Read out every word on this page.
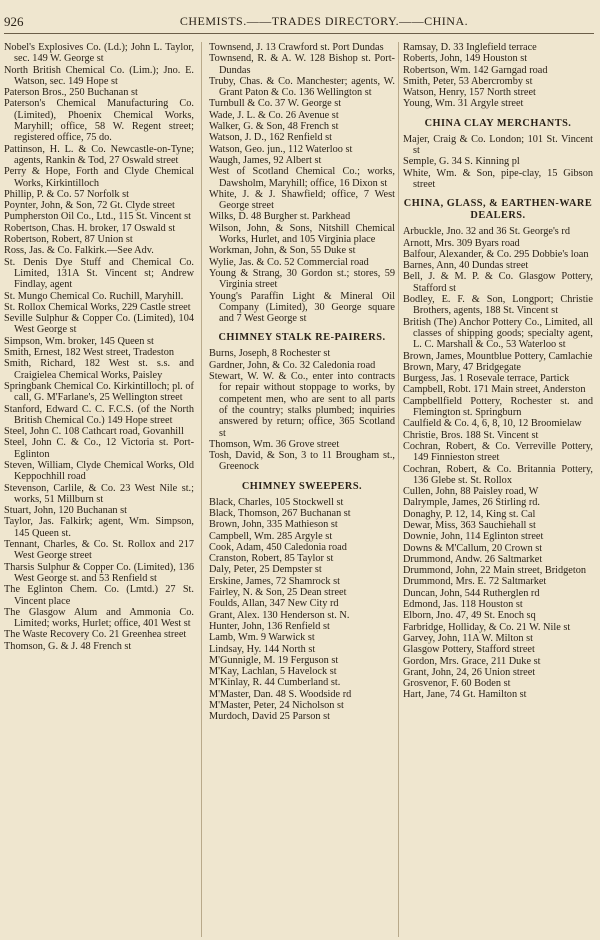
926	CHEMISTS.——TRADES DIRECTORY.——CHINA.
Nobel's Explosives Co. (Ld.); John L. Taylor, sec. 149 W. George st
North British Chemical Co. (Lim.); Jno. E. Watson, sec. 149 Hope st
Paterson Bros., 250 Buchanan st
Paterson's Chemical Manufacturing Co. (Limited), Phoenix Chemical Works, Maryhill; office, 58 W. Regent street; registered office, 75 do.
Pattinson, H. L. & Co. Newcastle-on-Tyne; agents, Rankin & Tod, 27 Oswald street
Perry & Hope, Forth and Clyde Chemical Works, Kirkintilloch
Phillip, P. & Co. 57 Norfolk st
Poynter, John, & Son, 72 Gt. Clyde street
Pumpherston Oil Co., Ltd., 115 St. Vincent st
Robertson, Chas. H. broker, 17 Oswald st
Robertson, Robert, 87 Union st
Ross, Jas. & Co. Falkirk.—See Adv.
St. Denis Dye Stuff and Chemical Co. Limited, 131A St. Vincent st; Andrew Findlay, agent
St. Mungo Chemical Co. Ruchill, Maryhill.
St. Rollox Chemical Works, 229 Castle street
Seville Sulphur & Copper Co. (Limited), 104 West George st
Simpson, Wm. broker, 145 Queen st
Smith, Ernest, 182 West street, Tradeston
Smith, Richard, 182 West st. s.s. and Craigielea Chemical Works, Paisley
Springbank Chemical Co. Kirkintilloch; pl. of call, G. M'Farlane's, 25 Wellington street
Stanford, Edward C. C. F.C.S. (of the North British Chemical Co.) 149 Hope street
Steel, John C. 108 Cathcart road, Govanhill
Steel, John C. & Co., 12 Victoria st. Port-Eglinton
Steven, William, Clyde Chemical Works, Old Keppochhill road
Stevenson, Carlile, & Co. 23 West Nile st.; works, 51 Millburn st
Stuart, John, 120 Buchanan st
Taylor, Jas. Falkirk; agent, Wm. Simpson, 145 Queen st.
Tennant, Charles, & Co. St. Rollox and 217 West George street
Tharsis Sulphur & Copper Co. (Limited), 136 West George st. and 53 Renfield st
The Eglinton Chem. Co. (Lmtd.) 27 St. Vincent place
The Glasgow Alum and Ammonia Co. Limited; works, Hurlet; office, 401 West st
The Waste Recovery Co. 21 Greenhea street
Thomson, G. & J. 48 French st
Townsend, J. 13 Crawford st. Port Dundas
Townsend, R. & A. W. 128 Bishop st. Port-Dundas
Truby, Chas. & Co. Manchester; agents, W. Grant Paton & Co. 136 Wellington st
Turnbull & Co. 37 W. George st
Wade, J. L. & Co. 26 Avenue st
Walker, G. & Son, 48 French st
Watson, J. D., 162 Renfield st
Watson, Geo. jun., 112 Waterloo st
Waugh, James, 92 Albert st
West of Scotland Chemical Co.; works, Dawsholm, Maryhill; office, 16 Dixon st
White, J. & J. Shawfield; office, 7 West George street
Wilks, D. 48 Burgher st. Parkhead
Wilson, John, & Sons, Nitshill Chemical Works, Hurlet, and 105 Virginia place
Workman, John, & Son, 55 Duke st
Wylie, Jas. & Co. 52 Commercial road
Young & Strang, 30 Gordon st.; stores, 59 Virginia street
Young's Paraffin Light & Mineral Oil Company (Limited), 30 George square and 7 West George st
CHIMNEY STALK RE-PAIRERS.
Burns, Joseph, 8 Rochester st
Gardner, John, & Co. 32 Caledonia road
Stewart, W. W. & Co., enter into contracts for repair without stoppage to works, by competent men, who are sent to all parts of the country; stalks plumbed; inquiries answered by return; office, 365 Scotland st
Thomson, Wm. 36 Grove street
Tosh, David, & Son, 3 to 11 Brougham st., Greenock
CHIMNEY SWEEPERS.
Black, Charles, 105 Stockwell st
Black, Thomson, 267 Buchanan st
Brown, John, 335 Mathieson st
Campbell, Wm. 285 Argyle st
Cook, Adam, 450 Caledonia road
Cranston, Robert, 85 Taylor st
Daly, Peter, 25 Dempster st
Erskine, James, 72 Shamrock st
Fairley, N. & Son, 25 Dean street
Foulds, Allan, 347 New City rd
Grant, Alex. 130 Henderson st. N.
Hunter, John, 136 Renfield st
Lamb, Wm. 9 Warwick st
Lindsay, Hy. 144 North st
M'Gunnigle, M. 19 Ferguson st
M'Kay, Lachlan, 5 Havelock st
M'Kinlay, R. 44 Cumberland st.
M'Master, Dan. 48 S. Woodside rd
M'Master, Peter, 24 Nicholson st
Murdoch, David 25 Parson st
Ramsay, D. 33 Inglefield terrace
Roberts, John, 149 Houston st
Robertson, Wm. 142 Garngad road
Smith, Peter, 53 Abercromby st
Watson, Henry, 157 North street
Young, Wm. 31 Argyle street
CHINA CLAY MERCHANTS.
Majer, Craig & Co. London; 101 St. Vincent st
Semple, G. 34 S. Kinning pl
White, Wm. & Son, pipe-clay, 15 Gibson street
CHINA, GLASS, & EARTHEN-WARE DEALERS.
Arbuckle, Jno. 32 and 36 St. George's rd
Arnott, Mrs. 309 Byars road
Balfour, Alexander, & Co. 295 Dobbie's loan
Barnes, Ann, 40 Dundas street
Bell, J. & M. P. & Co. Glasgow Pottery, Stafford st
Bodley, E. F. & Son, Longport; Christie Brothers, agents, 188 St. Vincent st
British (The) Anchor Pottery Co., Limited, all classes of shipping goods; specialty agent, L. C. Marshall & Co., 53 Waterloo st
Brown, James, Mountblue Pottery, Camlachie
Brown, Mary, 47 Bridgegate
Burgess, Jas. 1 Rosevale terrace, Partick
Campbell, Robt. 171 Main street, Anderston
Campbellfield Pottery, Rochester st. and Flemington st. Springburn
Caulfield & Co. 4, 6, 8, 10, 12 Broomielaw
Christie, Bros. 188 St. Vincent st
Cochran, Robert, & Co. Verreville Pottery, 149 Finnieston street
Cochran, Robert, & Co. Britannia Pottery, 136 Glebe st. St. Rollox
Cullen, John, 88 Paisley road, W
Dalrymple, James, 26 Stirling rd.
Donaghy, P. 12, 14, King st. Cal
Dewar, Miss, 363 Sauchiehall st
Downie, John, 114 Eglinton street
Downs & M'Callum, 20 Crown st
Drummond, Andw. 26 Saltmarket
Drummond, John, 22 Main street, Bridgeton
Drummond, Mrs. E. 72 Saltmarket
Duncan, John, 544 Rutherglen rd
Edmond, Jas. 118 Houston st
Elborn, Jno. 47, 49 St. Enoch sq
Farbridge, Holliday, & Co. 21 W. Nile st
Garvey, John, 11A W. Milton st
Glasgow Pottery, Stafford street
Gordon, Mrs. Grace, 211 Duke st
Grant, John, 24, 26 Union street
Grosvenor, F. 60 Boden st
Hart, Jane, 74 Gt. Hamilton st
